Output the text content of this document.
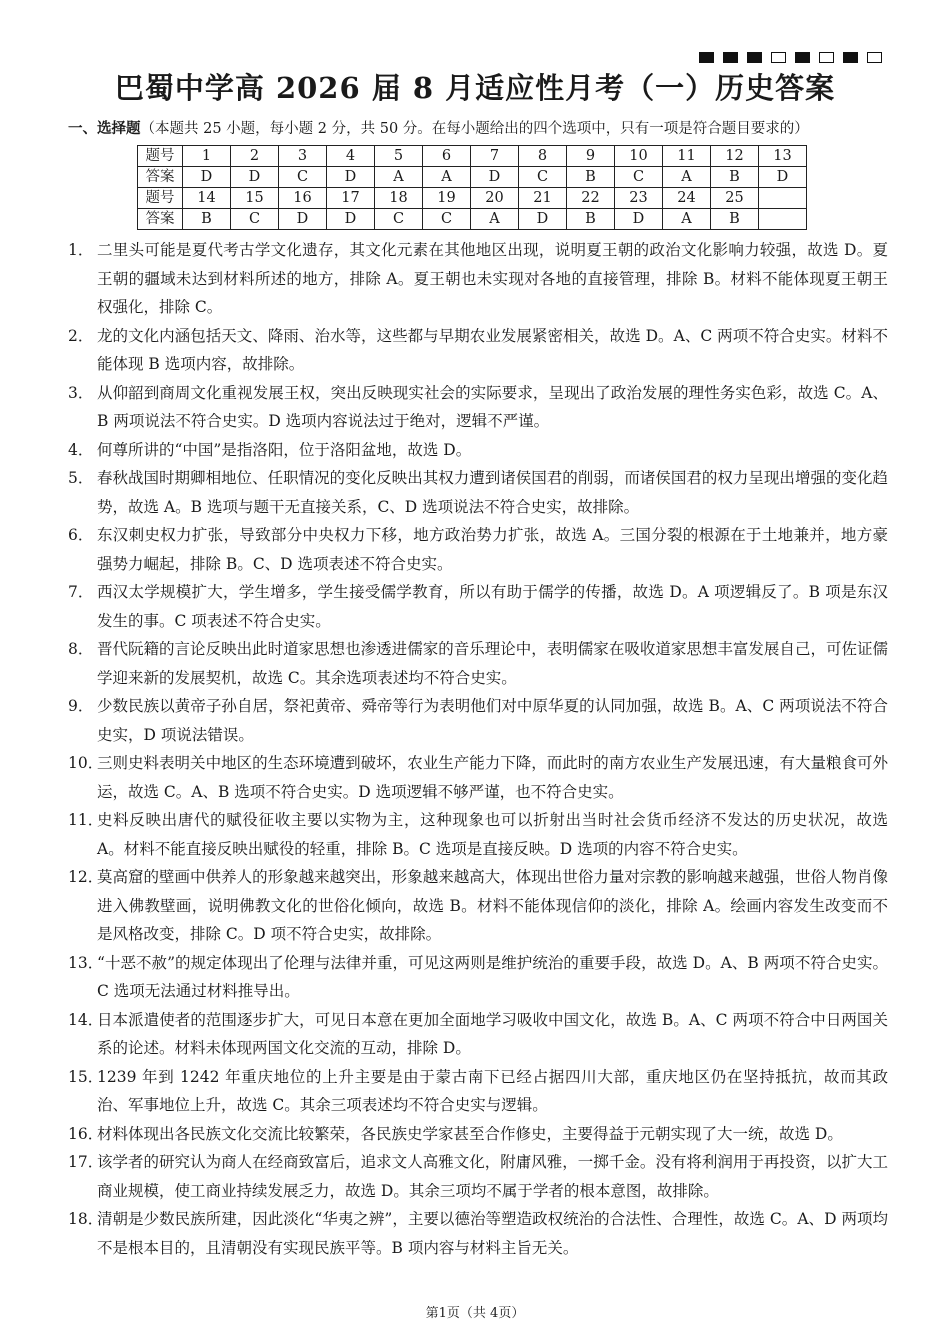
巴蜀中学高 2026 届 8 月适应性月考（一）历史答案
一、选择题（本题共 25 小题，每小题 2 分，共 50 分。在每小题给出的四个选项中，只有一项是符合题目要求的）
题号	1	2	3	4	5	6	7	8	9	10	11	12	13
答案	D	D	C	D	A	A	D	C	B	C	A	B	D
题号	14	15	16	17	18	19	20	21	22	23	24	25	
答案	B	C	D	D	C	C	A	D	B	D	A	B	
1． 二里头可能是夏代考古学文化遗存，其文化元素在其他地区出现，说明夏王朝的政治文化影响力较强，故选 D。夏王朝的疆域未达到材料所述的地方，排除 A。夏王朝也未实现对各地的直接管理，排除 B。材料不能体现夏王朝王权强化，排除 C。
2． 龙的文化内涵包括天文、降雨、治水等，这些都与早期农业发展紧密相关，故选 D。A、C 两项不符合史实。材料不能体现 B 选项内容，故排除。
3． 从仰韶到商周文化重视发展王权，突出反映现实社会的实际要求，呈现出了政治发展的理性务实色彩，故选 C。A、B 两项说法不符合史实。D 选项内容说法过于绝对，逻辑不严谨。
4． 何尊所讲的“中国”是指洛阳，位于洛阳盆地，故选 D。
5． 春秋战国时期卿相地位、任职情况的变化反映出其权力遭到诸侯国君的削弱，而诸侯国君的权力呈现出增强的变化趋势，故选 A。B 选项与题干无直接关系，C、D 选项说法不符合史实，故排除。
6． 东汉刺史权力扩张，导致部分中央权力下移，地方政治势力扩张，故选 A。三国分裂的根源在于土地兼并，地方豪强势力崛起，排除 B。C、D 选项表述不符合史实。
7． 西汉太学规模扩大，学生增多，学生接受儒学教育，所以有助于儒学的传播，故选 D。A 项逻辑反了。B 项是东汉发生的事。C 项表述不符合史实。
8． 晋代阮籍的言论反映出此时道家思想也渗透进儒家的音乐理论中，表明儒家在吸收道家思想丰富发展自己，可佐证儒学迎来新的发展契机，故选 C。其余选项表述均不符合史实。
9． 少数民族以黄帝子孙自居，祭祀黄帝、舜帝等行为表明他们对中原华夏的认同加强，故选 B。A、C 两项说法不符合史实，D 项说法错误。
10．
三则史料表明关中地区的生态环境遭到破坏，农业生产能力下降，而此时的南方农业生产发展迅速，有大量粮食可外运，故选 C。A、B 选项不符合史实。D 选项逻辑不够严谨，也不符合史实。
11．
史料反映出唐代的赋役征收主要以实物为主，这种现象也可以折射出当时社会货币经济不发达的历史状况，故选 A。材料不能直接反映出赋役的轻重，排除 B。C 选项是直接反映。D 选项的内容不符合史实。
12．
莫高窟的壁画中供养人的形象越来越突出，形象越来越高大，体现出世俗力量对宗教的影响越来越强，世俗人物肖像进入佛教壁画，说明佛教文化的世俗化倾向，故选 B。材料不能体现信仰的淡化，排除 A。绘画内容发生改变而不是风格改变，排除 C。D 项不符合史实，故排除。
13．
“十恶不赦”的规定体现出了伦理与法律并重，可见这两则是维护统治的重要手段，故选 D。A、B 两项不符合史实。C 选项无法通过材料推导出。
14．
日本派遣使者的范围逐步扩大，可见日本意在更加全面地学习吸收中国文化，故选 B。A、C 两项不符合中日两国关系的论述。材料未体现两国文化交流的互动，排除 D。
15．
1239 年到 1242 年重庆地位的上升主要是由于蒙古南下已经占据四川大部，重庆地区仍在坚持抵抗，故而其政治、军事地位上升，故选 C。其余三项表述均不符合史实与逻辑。
16．
材料体现出各民族文化交流比较繁荣，各民族史学家甚至合作修史，主要得益于元朝实现了大一统，故选 D。
17．
该学者的研究认为商人在经商致富后，追求文人高雅文化，附庸风雅，一掷千金。没有将利润用于再投资，以扩大工商业规模，使工商业持续发展乏力，故选 D。其余三项均不属于学者的根本意图，故排除。
18．
清朝是少数民族所建，因此淡化“华夷之辨”，主要以德治等塑造政权统治的合法性、合理性，故选 C。A、D 两项均不是根本目的，且清朝没有实现民族平等。B 项内容与材料主旨无关。
第1页（共 4页）
